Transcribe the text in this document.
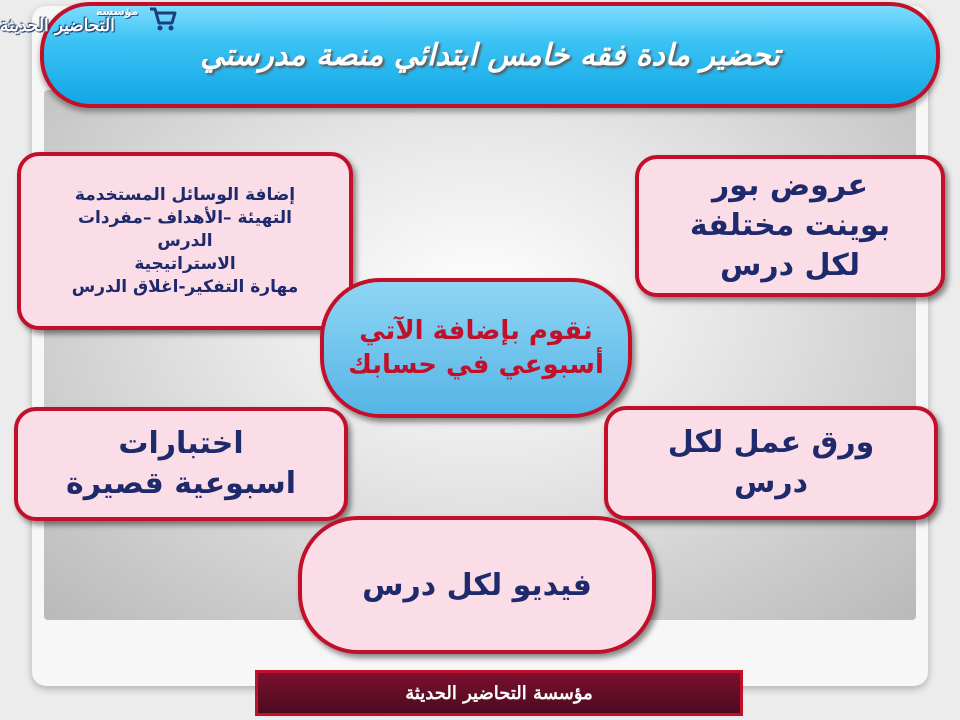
تحضير مادة فقه خامس ابتدائي منصة مدرستي
مؤسسة
التحاضير الحديثة
إضافة الوسائل المستخدمة
التهيئة –الأهداف –مفردات
الدرس
الاستراتيجية
مهارة التفكير-اغلاق الدرس
عروض بور
بوينت مختلفة
لكل درس
نقوم بإضافة الآتي أسبوعي في حسابك
اختبارات
اسبوعية قصيرة
ورق عمل لكل
درس
فيديو لكل درس
مؤسسة التحاضير الحديثة
